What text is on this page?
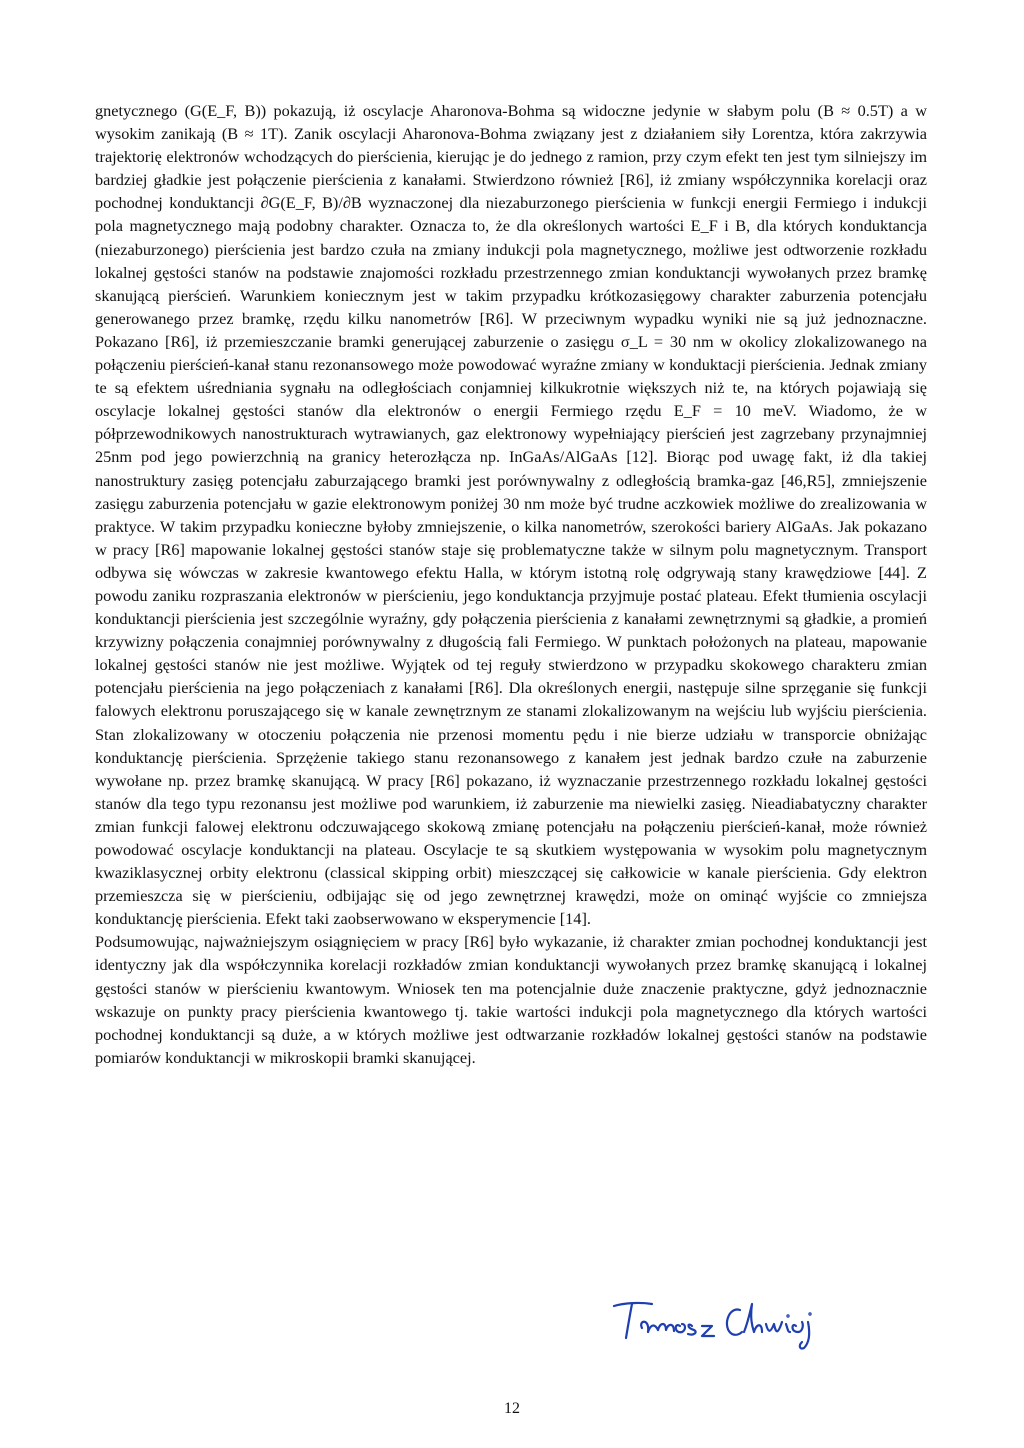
gnetycznego (G(E_F, B)) pokazują, iż oscylacje Aharonova-Bohma są widoczne jedynie w słabym polu (B ≈ 0.5T) a w wysokim zanikają (B ≈ 1T). Zanik oscylacji Aharonova-Bohma związany jest z działaniem siły Lorentza, która zakrzywia trajektorię elektronów wchodzących do pierścienia, kierując je do jednego z ramion, przy czym efekt ten jest tym silniejszy im bardziej gładkie jest połączenie pierścienia z kanałami. Stwierdzono również [R6], iż zmiany współczynnika korelacji oraz pochodnej konduktancji ∂G(E_F, B)/∂B wyznaczonej dla niezaburzonego pierścienia w funkcji energii Fermiego i indukcji pola magnetycznego mają podobny charakter. Oznacza to, że dla określonych wartości E_F i B, dla których konduktancja (niezaburzonego) pierścienia jest bardzo czuła na zmiany indukcji pola magnetycznego, możliwe jest odtworzenie rozkładu lokalnej gęstości stanów na podstawie znajomości rozkładu przestrzennego zmian konduktancji wywołanych przez bramkę skanującą pierścień. Warunkiem koniecznym jest w takim przypadku krótkozasięgowy charakter zaburzenia potencjału generowanego przez bramkę, rzędu kilku nanometrów [R6]. W przeciwnym wypadku wyniki nie są już jednoznaczne. Pokazano [R6], iż przemieszczanie bramki generującej zaburzenie o zasięgu σ_L = 30 nm w okolicy zlokalizowanego na połączeniu pierścień-kanał stanu rezonansowego może powodować wyraźne zmiany w konduktacji pierścienia. Jednak zmiany te są efektem uśredniania sygnału na odległościach conjamniej kilkukrotnie większych niż te, na których pojawiają się oscylacje lokalnej gęstości stanów dla elektronów o energii Fermiego rzędu E_F = 10 meV. Wiadomo, że w półprzewodnikowych nanostrukturach wytrawianych, gaz elektronowy wypełniający pierścień jest zagrzebany przynajmniej 25nm pod jego powierzchnią na granicy heterozłącza np. InGaAs/AlGaAs [12]. Biorąc pod uwagę fakt, iż dla takiej nanostruktury zasięg potencjału zaburzającego bramki jest porównywalny z odległością bramka-gaz [46,R5], zmniejszenie zasięgu zaburzenia potencjału w gazie elektronowym poniżej 30 nm może być trudne aczkowiek możliwe do zrealizowania w praktyce. W takim przypadku konieczne byłoby zmniejszenie, o kilka nanometrów, szerokości bariery AlGaAs. Jak pokazano w pracy [R6] mapowanie lokalnej gęstości stanów staje się problematyczne także w silnym polu magnetycznym. Transport odbywa się wówczas w zakresie kwantowego efektu Halla, w którym istotną rolę odgrywają stany krawędziowe [44]. Z powodu zaniku rozpraszania elektronów w pierścieniu, jego konduktancja przyjmuje postać plateau. Efekt tłumienia oscylacji konduktancji pierścienia jest szczególnie wyraźny, gdy połączenia pierścienia z kanałami zewnętrznymi są gładkie, a promień krzywizny połączenia conajmniej porównywalny z długością fali Fermiego. W punktach położonych na plateau, mapowanie lokalnej gęstości stanów nie jest możliwe. Wyjątek od tej reguły stwierdzono w przypadku skokowego charakteru zmian potencjału pierścienia na jego połączeniach z kanałami [R6]. Dla określonych energii, następuje silne sprzęganie się funkcji falowych elektronu poruszającego się w kanale zewnętrznym ze stanami zlokalizowanym na wejściu lub wyjściu pierścienia. Stan zlokalizowany w otoczeniu połączenia nie przenosi momentu pędu i nie bierze udziału w transporcie obniżając konduktancję pierścienia. Sprzężenie takiego stanu rezonansowego z kanałem jest jednak bardzo czułe na zaburzenie wywołane np. przez bramkę skanującą. W pracy [R6] pokazano, iż wyznaczanie przestrzennego rozkładu lokalnej gęstości stanów dla tego typu rezonansu jest możliwe pod warunkiem, iż zaburzenie ma niewielki zasięg. Nieadiabatyczny charakter zmian funkcji falowej elektronu odczuwającego skokową zmianę potencjału na połączeniu pierścień-kanał, może również powodować oscylacje konduktancji na plateau. Oscylacje te są skutkiem występowania w wysokim polu magnetycznym kwaziklasycznej orbity elektronu (classical skipping orbit) mieszczącej się całkowicie w kanale pierścienia. Gdy elektron przemieszcza się w pierścieniu, odbijając się od jego zewnętrznej krawędzi, może on ominąć wyjście co zmniejsza konduktancję pierścienia. Efekt taki zaobserwowano w eksperymencie [14].

Podsumowując, najważniejszym osiągnięciem w pracy [R6] było wykazanie, iż charakter zmian pochodnej konduktancji jest identyczny jak dla współczynnika korelacji rozkładów zmian konduktancji wywołanych przez bramkę skanującą i lokalnej gęstości stanów w pierścieniu kwantowym. Wniosek ten ma potencjalnie duże znaczenie praktyczne, gdyż jednoznacznie wskazuje on punkty pracy pierścienia kwantowego tj. takie wartości indukcji pola magnetycznego dla których wartości pochodnej konduktancji są duże, a w których możliwe jest odtwarzanie rozkładów lokalnej gęstości stanów na podstawie pomiarów konduktancji w mikroskopii bramki skanującej.

12
